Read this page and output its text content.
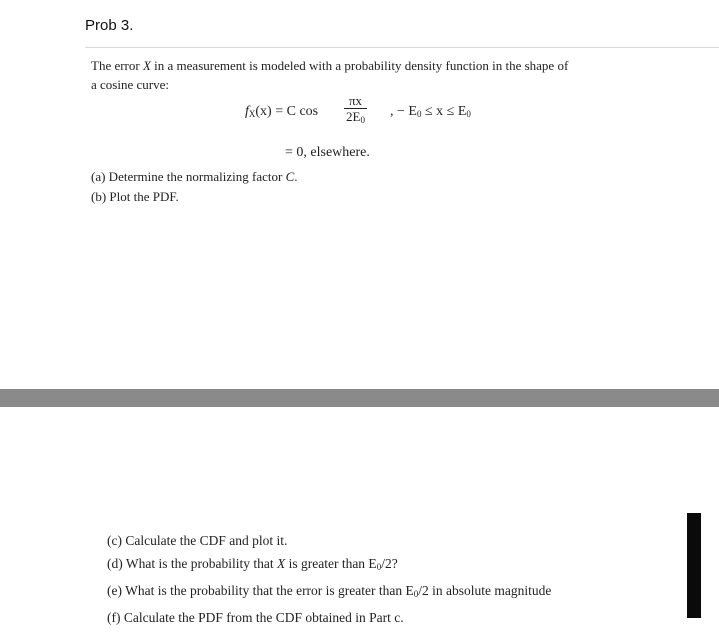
Prob 3.
The error X in a measurement is modeled with a probability density function in the shape of
a cosine curve:
$f_X(x) = C$ $\cos \frac{\pi x}{2E_0}$ , − $E_0 \le x \le E_0$
= 0, elsewhere.
(a) Determine the normalizing factor C.
(b) Plot the PDF.
(c) Calculate the CDF and plot it.
(d) What is the probability that X is greater than $E_0/2$?
(e) What is the probability that the error is greater than $E_0/2$ in absolute magnitude
(f) Calculate the PDF from the CDF obtained in Part c.
